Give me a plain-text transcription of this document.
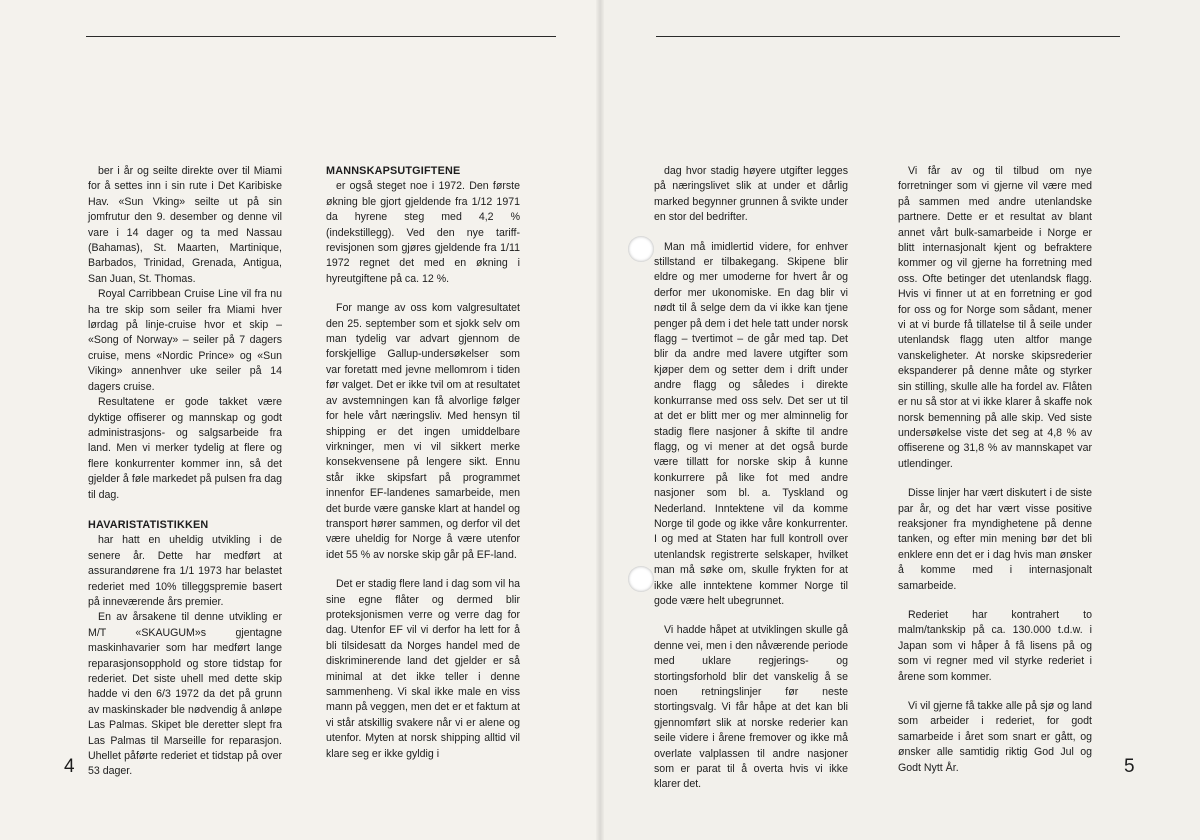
ber i år og seilte direkte over til Miami for å settes inn i sin rute i Det Karibiske Hav. «Sun Vking» seilte ut på sin jomfrutur den 9. desember og denne vil vare i 14 dager og ta med Nassau (Bahamas), St. Maarten, Martinique, Barbados, Trinidad, Grenada, Antigua, San Juan, St. Thomas.

Royal Carribbean Cruise Line vil fra nu ha tre skip som seiler fra Miami hver lørdag på linje-cruise hvor et skip – «Song of Norway» – seiler på 7 dagers cruise, mens «Nordic Prince» og «Sun Viking» annenhver uke seiler på 14 dagers cruise.

Resultatene er gode takket være dyktige offiserer og mannskap og godt administrasjons- og salgsarbeide fra land. Men vi merker tydelig at flere og flere konkurrenter kommer inn, så det gjelder å føle markedet på pulsen fra dag til dag.

HAVARISTATISTIKKEN

har hatt en uheldig utvikling i de senere år. Dette har medført at assurandørene fra 1/1 1973 har belastet rederiet med 10% tilleggspremie basert på inneværende års premier.

En av årsakene til denne utvikling er M/T «SKAUGUM»s gjentagne maskinhavarier som har medført lange reparasjonsopphold og store tidstap for rederiet. Det siste uhell med dette skip hadde vi den 6/3 1972 da det på grunn av maskinskader ble nødvendig å anløpe Las Palmas. Skipet ble deretter slept fra Las Palmas til Marseille for reparasjon. Uhellet påførte rederiet et tidstap på over 53 dager.

MANNSKAPSUTGIFTENE

er også steget noe i 1972. Den første økning ble gjort gjeldende fra 1/12 1971 da hyrene steg med 4,2 % (indekstillegg). Ved den nye tariff-revisjonen som gjøres gjeldende fra 1/11 1972 regnet det med en økning i hyreutgiftene på ca. 12 %.

For mange av oss kom valgresultatet den 25. september som et sjokk selv om man tydelig var advart gjennom de forskjellige Gallup-undersøkelser som var foretatt med jevne mellomrom i tiden før valget. Det er ikke tvil om at resultatet av avstemningen kan få alvorlige følger for hele vårt næringsliv. Med hensyn til shipping er det ingen umiddelbare virkninger, men vi vil sikkert merke konsekvensene på lengere sikt. Ennu står ikke skipsfart på programmet innenfor EF-landenes samarbeide, men det burde være ganske klart at handel og transport hører sammen, og derfor vil det være uheldig for Norge å være utenfor idet 55 % av norske skip går på EF-land.

Det er stadig flere land i dag som vil ha sine egne flåter og dermed blir proteksjonismen verre og verre dag for dag. Utenfor EF vil vi derfor ha lett for å bli tilsidesatt da Norges handel med de diskriminerende land det gjelder er så minimal at det ikke teller i denne sammenheng. Vi skal ikke male en viss mann på veggen, men det er et faktum at vi står atskillig svakere når vi er alene og utenfor. Myten at norsk shipping alltid vil klare seg er ikke gyldig i

4

dag hvor stadig høyere utgifter legges på næringslivet slik at under et dårlig marked begynner grunnen å svikte under en stor del bedrifter.

Man må imidlertid videre, for enhver stillstand er tilbakegang. Skipene blir eldre og mer umoderne for hvert år og derfor mer ukonomiske. En dag blir vi nødt til å selge dem da vi ikke kan tjene penger på dem i det hele tatt under norsk flagg – tvertimot – de går med tap. Det blir da andre med lavere utgifter som kjøper dem og setter dem i drift under andre flagg og således i direkte konkurranse med oss selv. Det ser ut til at det er blitt mer og mer alminnelig for stadig flere nasjoner å skifte til andre flagg, og vi mener at det også burde være tillatt for norske skip å kunne konkurrere på like fot med andre nasjoner som bl. a. Tyskland og Nederland. Inntektene vil da komme Norge til gode og ikke våre konkurrenter. I og med at Staten har full kontroll over utenlandsk registrerte selskaper, hvilket man må søke om, skulle frykten for at ikke alle inntektene kommer Norge til gode være helt ubegrunnet.

Vi hadde håpet at utviklingen skulle gå denne vei, men i den nåværende periode med uklare regjerings- og stortingsforhold blir det vanskelig å se noen retningslinjer før neste stortingsvalg. Vi får håpe at det kan bli gjennomført slik at norske rederier kan seile videre i årene fremover og ikke må overlate valplassen til andre nasjoner som er parat til å overta hvis vi ikke klarer det.

Vi får av og til tilbud om nye forretninger som vi gjerne vil være med på sammen med andre utenlandske partnere. Dette er et resultat av blant annet vårt bulk-samarbeide i Norge er blitt internasjonalt kjent og befraktere kommer og vil gjerne ha forretning med oss. Ofte betinger det utenlandsk flagg. Hvis vi finner ut at en forretning er god for oss og for Norge som sådant, mener vi at vi burde få tillatelse til å seile under utenlandsk flagg uten altfor mange vanskeligheter. At norske skipsrederier ekspanderer på denne måte og styrker sin stilling, skulle alle ha fordel av. Flåten er nu så stor at vi ikke klarer å skaffe nok norsk bemenning på alle skip. Ved siste undersøkelse viste det seg at 4,8 % av offiserene og 31,8 % av mannskapet var utlendinger.

Disse linjer har vært diskutert i de siste par år, og det har vært visse positive reaksjoner fra myndighetene på denne tanken, og efter min mening bør det bli enklere enn det er i dag hvis man ønsker å komme med i internasjonalt samarbeide.

Rederiet har kontrahert to malm/tankskip på ca. 130.000 t.d.w. i Japan som vi håper å få lisens på og som vi regner med vil styrke rederiet i årene som kommer.

Vi vil gjerne få takke alle på sjø og land som arbeider i rederiet, for godt samarbeide i året som snart er gått, og ønsker alle samtidig riktig God Jul og Godt Nytt År.	5
